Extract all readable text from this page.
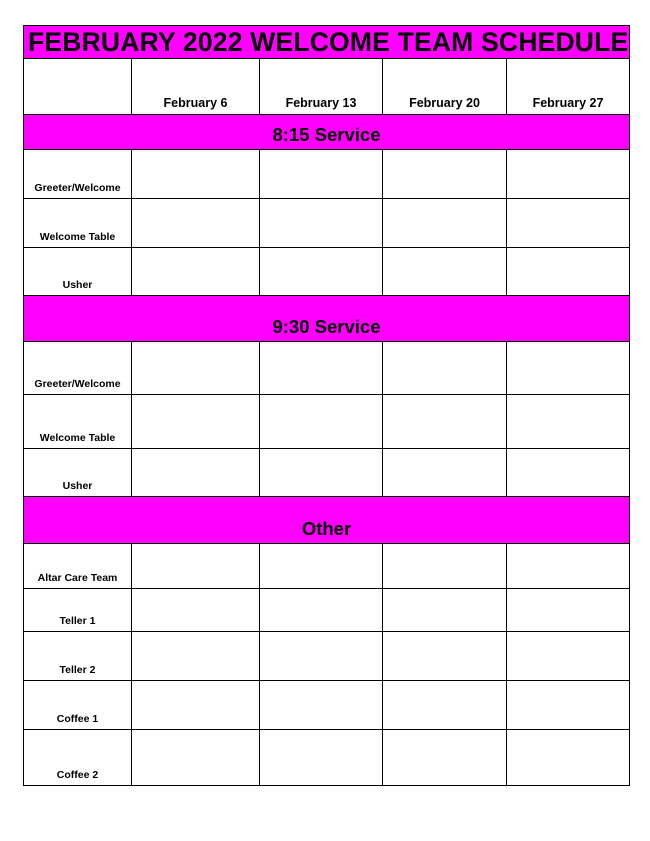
FEBRUARY 2022 WELCOME TEAM SCHEDULE				
	February 6	February 13	February 20	February 27
8:15 Service				
Greeter/Welcome				
Welcome Table				
Usher				
9:30 Service				
Greeter/Welcome				
Welcome Table				
Usher				
Other				
Altar Care Team				
Teller 1				
Teller 2				
Coffee 1				
Coffee 2				
